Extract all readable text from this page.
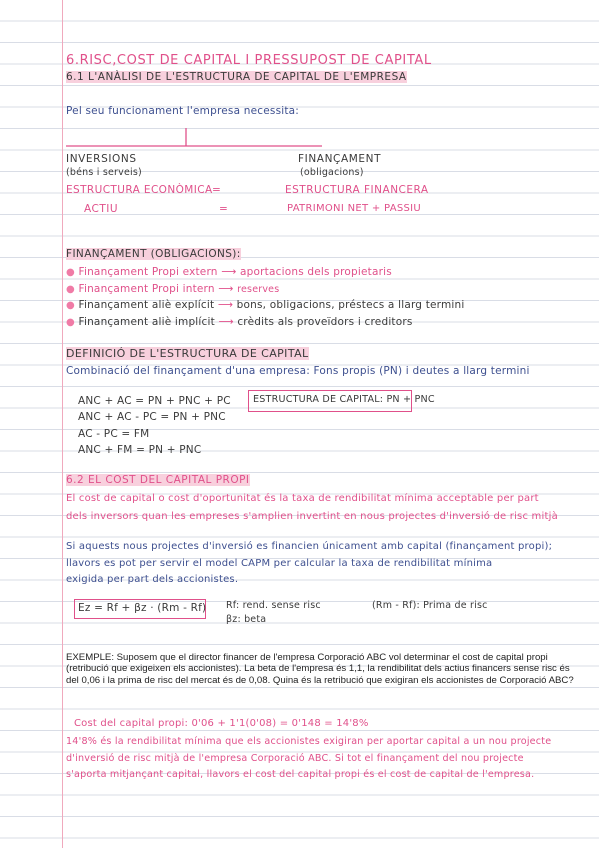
6.RISC,COST DE CAPITAL I PRESSUPOST DE CAPITAL
6.1 L'ANÀLISI DE L'ESTRUCTURA DE CAPITAL DE L'EMPRESA
Pel seu funcionament l'empresa necessita:
INVERSIONS
(béns i serveis)
FINANÇAMENT
(obligacions)
ESTRUCTURA ECONÒMICA =	ESTRUCTURA FINANCERA
ACTIU	=	PATRIMONI NET + PASSIU
FINANÇAMENT (OBLIGACIONS):
● Finançament Propi extern ⟶ aportacions dels propietaris
● Finançament Propi intern ⟶ reserves
● Finançament aliè explícit ⟶ bons, obligacions, préstecs a llarg termini
● Finançament aliè implícit ⟶ crèdits als proveïdors i creditors
DEFINICIÓ DE L'ESTRUCTURA DE CAPITAL
Combinació del finançament d'una empresa: Fons propis (PN) i deutes a llarg termini
ANC + AC = PN + PNC + PC
ANC + AC - PC = PN + PNC
AC - PC = FM
ANC + FM = PN + PNC
ESTRUCTURA DE CAPITAL: PN + PNC
6.2 EL COST DEL CAPITAL PROPI
El cost de capital o cost d'oportunitat és la taxa de rendibilitat mínima acceptable per part
dels inversors quan les empreses s'amplien invertint en nous projectes d'inversió de risc mitjà
Si aquests nous projectes d'inversió es financien únicament amb capital (finançament propi);
llavors es pot per servir el model CAPM per calcular la taxa de rendibilitat mínima
exigida per part dels accionistes.
Ez = Rf + βz · (Rm - Rf) Rf: rend. sense risc	(Rm - Rf): Prima de risc
βz: beta
EXEMPLE: Suposem que el director financer de l'empresa Corporació ABC vol determinar el cost de capital propi (retribució que exigeixen els accionistes). La beta de l'empresa és 1,1, la rendibilitat dels actius financers sense risc és del 0,06 i la prima de risc del mercat és de 0,08. Quina és la retribució que exigiran els accionistes de Corporació ABC?
Cost del capital propi: 0'06 + 1'1(0'08) = 0'148 = 14'8%
14'8% és la rendibilitat mínima que els accionistes exigiran per aportar capital a un nou projecte
d'inversió de risc mitjà de l'empresa Corporació ABC. Si tot el finançament del nou projecte
s'aporta mitjançant capital, llavors el cost del capital propi és el cost de capital de l'empresa.
